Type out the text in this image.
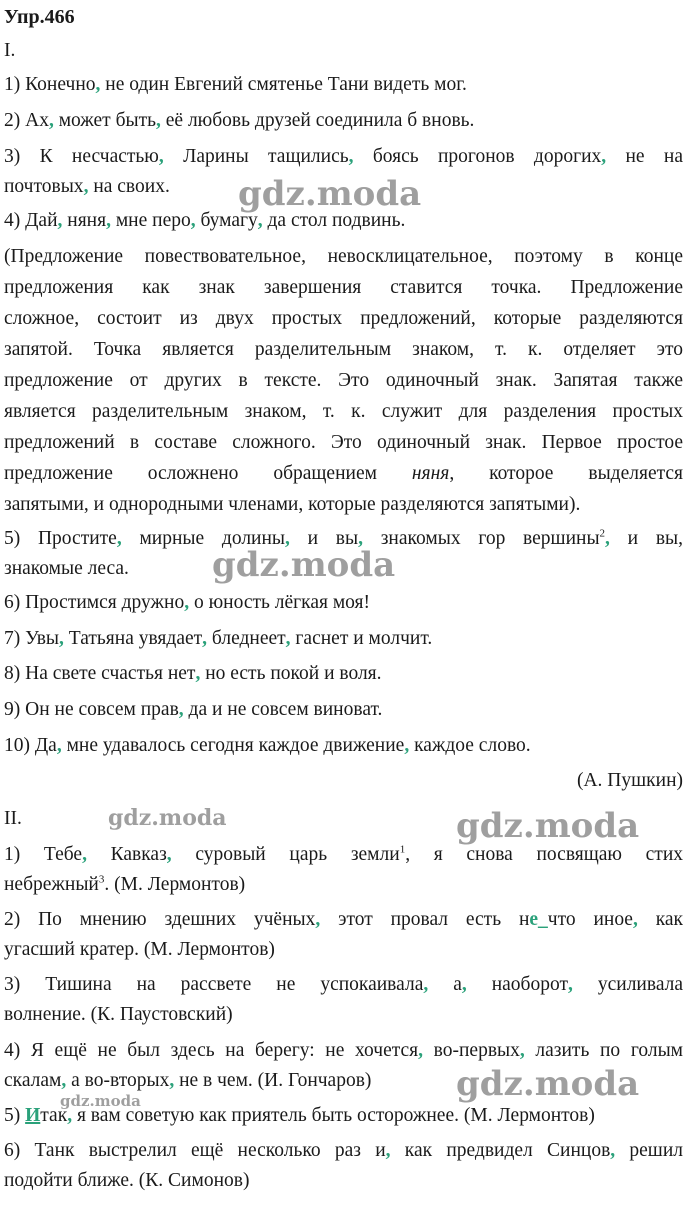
Упр.466
I.
1) Конечно, не один Евгений смятенье Тани видеть мог.
2) Ах, может быть, её любовь друзей соединила б вновь.
3) К несчастью, Ларины тащились, боясь прогонов дорогих, не на
почтовых, на своих.
4) Дай, няня, мне перо, бумагу, да стол подвинь.
(Предложение повествовательное, невосклицательное, поэтому в конце
предложения как знак завершения ставится точка. Предложение
сложное, состоит из двух простых предложений, которые разделяются
запятой. Точка является разделительным знаком, т. к. отделяет это
предложение от других в тексте. Это одиночный знак. Запятая также
является разделительным знаком, т. к. служит для разделения простых
предложений в составе сложного. Это одиночный знак. Первое простое
предложение осложнено обращением няня, которое выделяется
запятыми, и однородными членами, которые разделяются запятыми).
5) Простите, мирные долины, и вы, знакомых гор вершины$^2$, и вы,
знакомые леса.
6) Простимся дружно, о юность лёгкая моя!
7) Увы, Татьяна увядает, бледнеет, гаснет и молчит.
8) На свете счастья нет, но есть покой и воля.
9) Он не совсем прав, да и не совсем виноват.
10) Да, мне удавалось сегодня каждое движение, каждое слово.
(А. Пушкин)
II.
1) Тебе, Кавказ, суровый царь земли$^1$, я снова посвящаю стих
небрежный$^3$. (М. Лермонтов)
2) По мнению здешних учёных, этот провал есть не_что иное, как
угасший кратер. (М. Лермонтов)
3) Тишина на рассвете не успокаивала, а, наоборот, усиливала
волнение. (К. Паустовский)
4) Я ещё не был здесь на берегу: не хочется, во-первых, лазить по голым
скалам, а во-вторых, не в чем. (И. Гончаров)
5) Итак, я вам советую как приятель быть осторожнее. (М. Лермонтов)
6) Танк выстрелил ещё несколько раз и, как предвидел Синцов, решил
подойти ближе. (К. Симонов)
gdz.moda
gdz.moda
gdz.moda	gdz.moda
gdz.moda
gdz.moda
